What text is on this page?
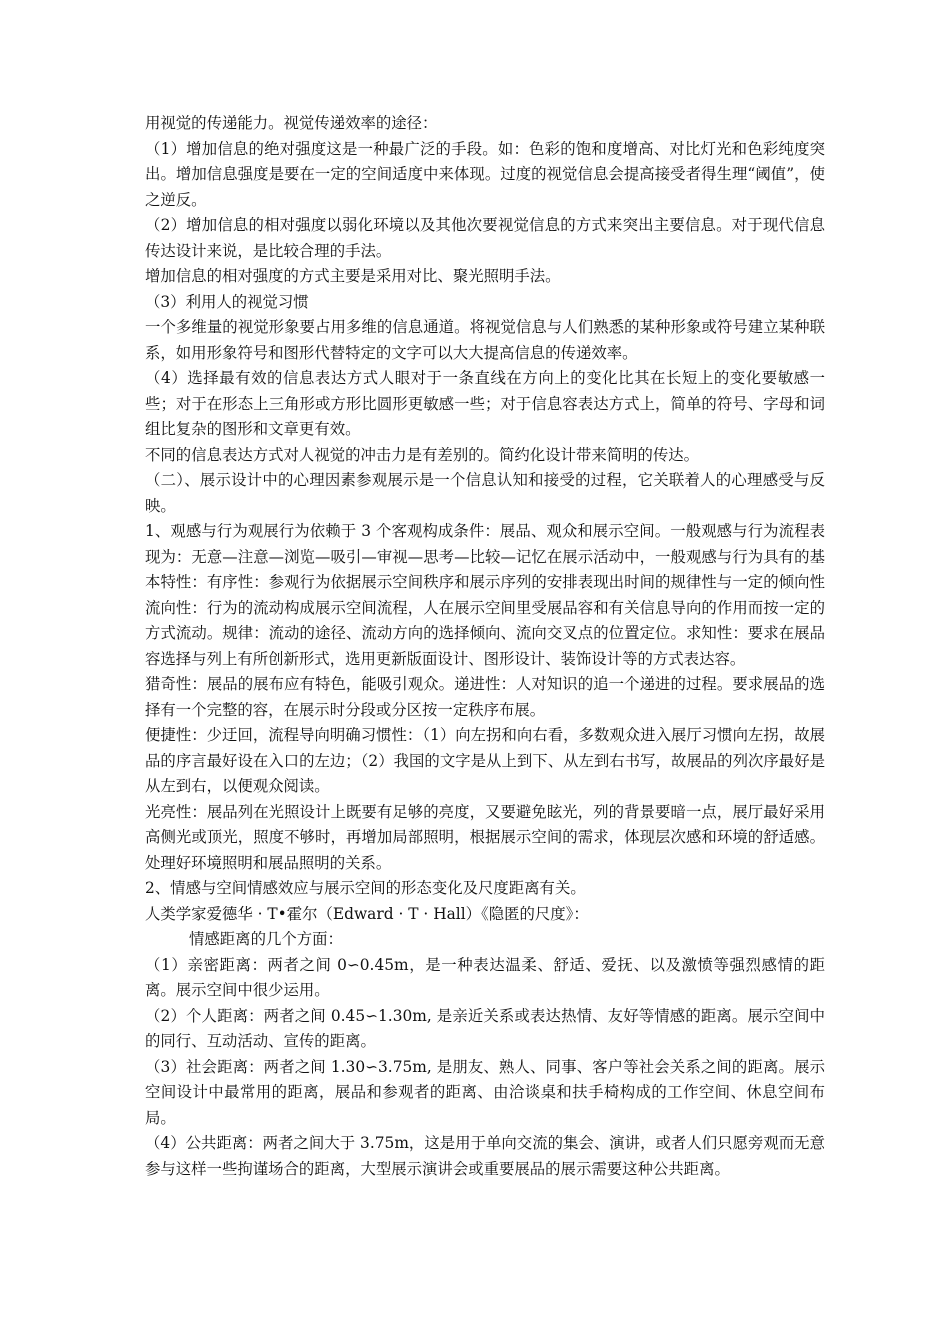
用视觉的传递能力。视觉传递效率的途径：

（1）增加信息的绝对强度这是一种最广泛的手段。如：色彩的饱和度增高、对比灯光和色彩纯度突出。增加信息强度是要在一定的空间适度中来体现。过度的视觉信息会提高接受者得生理“阈值”，使之逆反。

（2）增加信息的相对强度以弱化环境以及其他次要视觉信息的方式来突出主要信息。对于现代信息传达设计来说，是比较合理的手法。

增加信息的相对强度的方式主要是采用对比、聚光照明手法。

（3）利用人的视觉习惯

一个多维量的视觉形象要占用多维的信息通道。将视觉信息与人们熟悉的某种形象或符号建立某种联系，如用形象符号和图形代替特定的文字可以大大提高信息的传递效率。

（4）选择最有效的信息表达方式人眼对于一条直线在方向上的变化比其在长短上的变化要敏感一些；对于在形态上三角形或方形比圆形更敏感一些；对于信息容表达方式上，简单的符号、字母和词组比复杂的图形和文章更有效。

不同的信息表达方式对人视觉的冲击力是有差别的。简约化设计带来简明的传达。

（二）、展示设计中的心理因素参观展示是一个信息认知和接受的过程，它关联着人的心理感受与反映。

1、观感与行为观展行为依赖于 3 个客观构成条件：展品、观众和展示空间。一般观感与行为流程表现为：无意—注意—浏览—吸引—审视—思考—比较—记忆在展示活动中，一般观感与行为具有的基本特性：有序性：参观行为依据展示空间秩序和展示序列的安排表现出时间的规律性与一定的倾向性流向性：行为的流动构成展示空间流程，人在展示空间里受展品容和有关信息导向的作用而按一定的方式流动。规律：流动的途径、流动方向的选择倾向、流向交叉点的位置定位。求知性：要求在展品容选择与列上有所创新形式，选用更新版面设计、图形设计、装饰设计等的方式表达容。

猎奇性：展品的展布应有特色，能吸引观众。递进性：人对知识的追一个递进的过程。要求展品的选择有一个完整的容，在展示时分段或分区按一定秩序布展。

便捷性：少迂回，流程导向明确习惯性：（1）向左拐和向右看，多数观众进入展厅习惯向左拐，故展品的序言最好设在入口的左边；（2）我国的文字是从上到下、从左到右书写，故展品的列次序最好是从左到右，以便观众阅读。

光亮性：展品列在光照设计上既要有足够的亮度，又要避免眩光，列的背景要暗一点，展厅最好采用高侧光或顶光，照度不够时，再增加局部照明，根据展示空间的需求，体现层次感和环境的舒适感。处理好环境照明和展品照明的关系。

2、情感与空间情感效应与展示空间的形态变化及尺度距离有关。

人类学家爱德华 · T•霍尔（Edward · T · Hall）《隐匿的尺度》：

情感距离的几个方面：

（1）亲密距离：两者之间 0∽0.45m，是一种表达温柔、舒适、爱抚、以及激愤等强烈感情的距离。展示空间中很少运用。

（2）个人距离：两者之间 0.45∽1.30m, 是亲近关系或表达热情、友好等情感的距离。展示空间中的同行、互动活动、宣传的距离。

（3）社会距离：两者之间 1.30∽3.75m, 是朋友、熟人、同事、客户等社会关系之间的距离。展示空间设计中最常用的距离，展品和参观者的距离、由洽谈桌和扶手椅构成的工作空间、休息空间布局。

（4）公共距离：两者之间大于 3.75m，这是用于单向交流的集会、演讲，或者人们只愿旁观而无意参与这样一些拘谨场合的距离，大型展示演讲会或重要展品的展示需要这种公共距离。
